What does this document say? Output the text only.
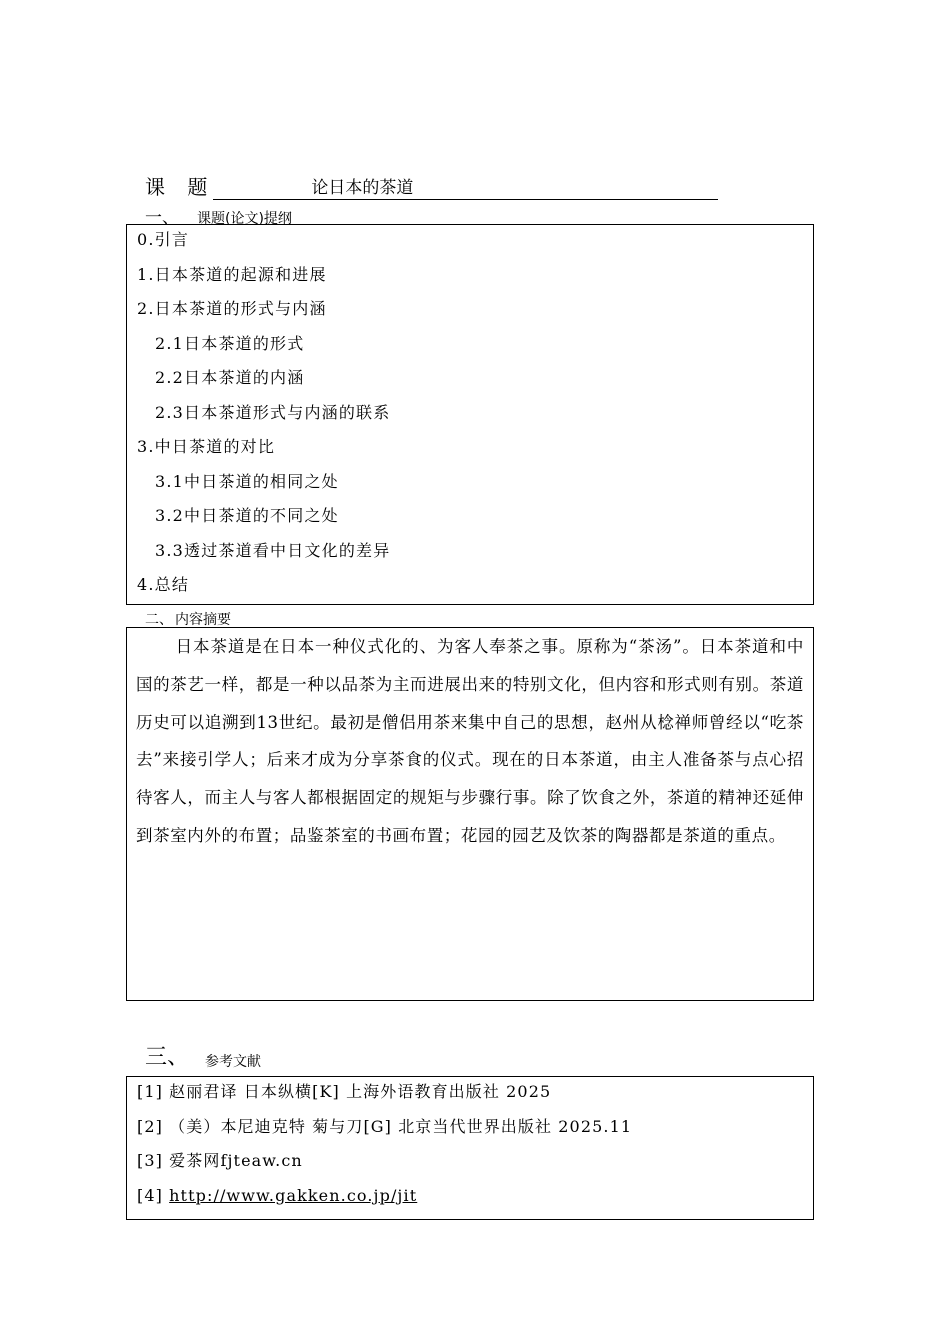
课 题	论日本的茶道
一、 课题(论文)提纲
0.引言
1.日本茶道的起源和进展
2.日本茶道的形式与内涵
2.1日本茶道的形式
2.2日本茶道的内涵
2.3日本茶道形式与内涵的联系
3.中日茶道的对比
3.1中日茶道的相同之处
3.2中日茶道的不同之处
3.3透过茶道看中日文化的差异
4.总结
二、 内容摘要

日本茶道是在日本一种仪式化的、为客人奉茶之事。原称为“茶汤”。日本茶道和中国的茶艺一样，都是一种以品茶为主而进展出来的特别文化，但内容和形式则有别。茶道历史可以追溯到13世纪。最初是僧侣用茶来集中自己的思想，赵州从棯禅师曾经以“吃茶去”来接引学人；后来才成为分享茶食的仪式。现在的日本茶道，由主人准备茶与点心招待客人，而主人与客人都根据固定的规矩与步骤行事。除了饮食之外，茶道的精神还延伸到茶室内外的布置；品鉴茶室的书画布置；花园的园艺及饮茶的陶器都是茶道的重点。

三、 参考文献
[1] 赵丽君译 日本纵横[K] 上海外语教育出版社 2025
[2] （美）本尼迪克特 菊与刀[G] 北京当代世界出版社 2025.11
[3] 爱茶网fjteaw.cn
[4] http://www.gakken.co.jp/jit
